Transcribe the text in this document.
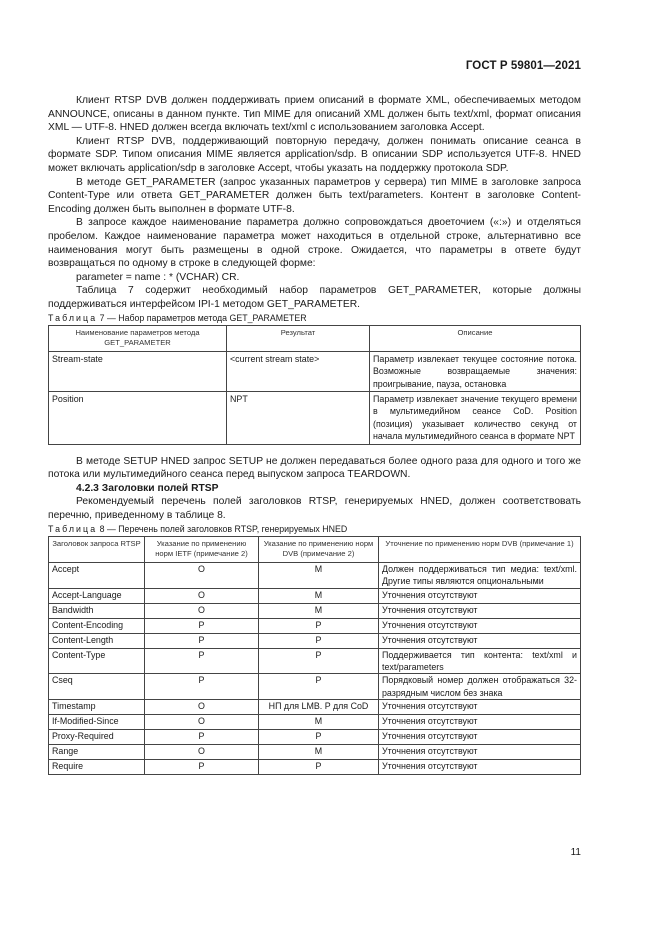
ГОСТ Р 59801—2021

Клиент RTSP DVB должен поддерживать прием описаний в формате XML, обеспечиваемых методом ANNOUNCE, описаны в данном пункте. Тип MIME для описаний XML должен быть text/xml, формат описания XML — UTF-8. HNED должен всегда включать text/xml с использованием заголовка Accept.

Клиент RTSP DVB, поддерживающий повторную передачу, должен понимать описание сеанса в формате SDP. Типом описания MIME является application/sdp. В описании SDP используется UTF-8. HNED может включать application/sdp в заголовке Accept, чтобы указать на поддержку протокола SDP.

В методе GET_PARAMETER (запрос указанных параметров у сервера) тип MIME в заголовке запроса Content-Type или ответа GET_PARAMETER должен быть text/parameters. Контент в заголовке Content-Encoding должен быть выполнен в формате UTF-8.

В запросе каждое наименование параметра должно сопровождаться двоеточием («:») и отделяться пробелом. Каждое наименование параметра может находиться в отдельной строке, альтернативно все наименования могут быть размещены в одной строке. Ожидается, что параметры в ответе будут возвращаться по одному в строке в следующей форме:

parameter = name : * (VCHAR) CR.

Таблица 7 содержит необходимый набор параметров GET_PARAMETER, которые должны поддерживаться интерфейсом IPI-1 методом GET_PARAMETER.

Таблица 7 — Набор параметров метода GET_PARAMETER

Наименование параметров метода GET_PARAMETER	Результат	Описание
Stream-state	<current stream state>	Параметр извлекает текущее состояние потока. Возможные возвращаемые значения: проигрывание, пауза, остановка
Position	NPT	Параметр извлекает значение текущего времени в мультимедийном сеансе CoD. Position (позиция) указывает количество секунд от начала мультимедийного сеанса в формате NPT

В методе SETUP HNED запрос SETUP не должен передаваться более одного раза для одного и того же потока или мультимедийного сеанса перед выпуском запроса TEARDOWN.

4.2.3 Заголовки полей RTSP

Рекомендуемый перечень полей заголовков RTSP, генерируемых HNED, должен соответствовать перечню, приведенному в таблице 8.

Таблица 8 — Перечень полей заголовков RTSP, генерируемых HNED

Заголовок запроса RTSP	Указание по применению норм IETF (примечание 2)	Указание по применению норм DVB (примечание 2)	Уточнение по применению норм DVB (примечание 1)
Accept	O	M	Должен поддерживаться тип медиа: text/xml. Другие типы являются опциональными
Accept-Language	O	M	Уточнения отсутствуют
Bandwidth	O	M	Уточнения отсутствуют
Content-Encoding	P	P	Уточнения отсутствуют
Content-Length	P	P	Уточнения отсутствуют
Content-Type	P	P	Поддерживается тип контента: text/xml и text/parameters
Cseq	P	P	Порядковый номер должен отображаться 32-разрядным числом без знака
Timestamp	O	НП для LMB. P для CoD	Уточнения отсутствуют
If-Modified-Since	O	M	Уточнения отсутствуют
Proxy-Required	P	P	Уточнения отсутствуют
Range	O	M	Уточнения отсутствуют
Require	P	P	Уточнения отсутствуют
11
